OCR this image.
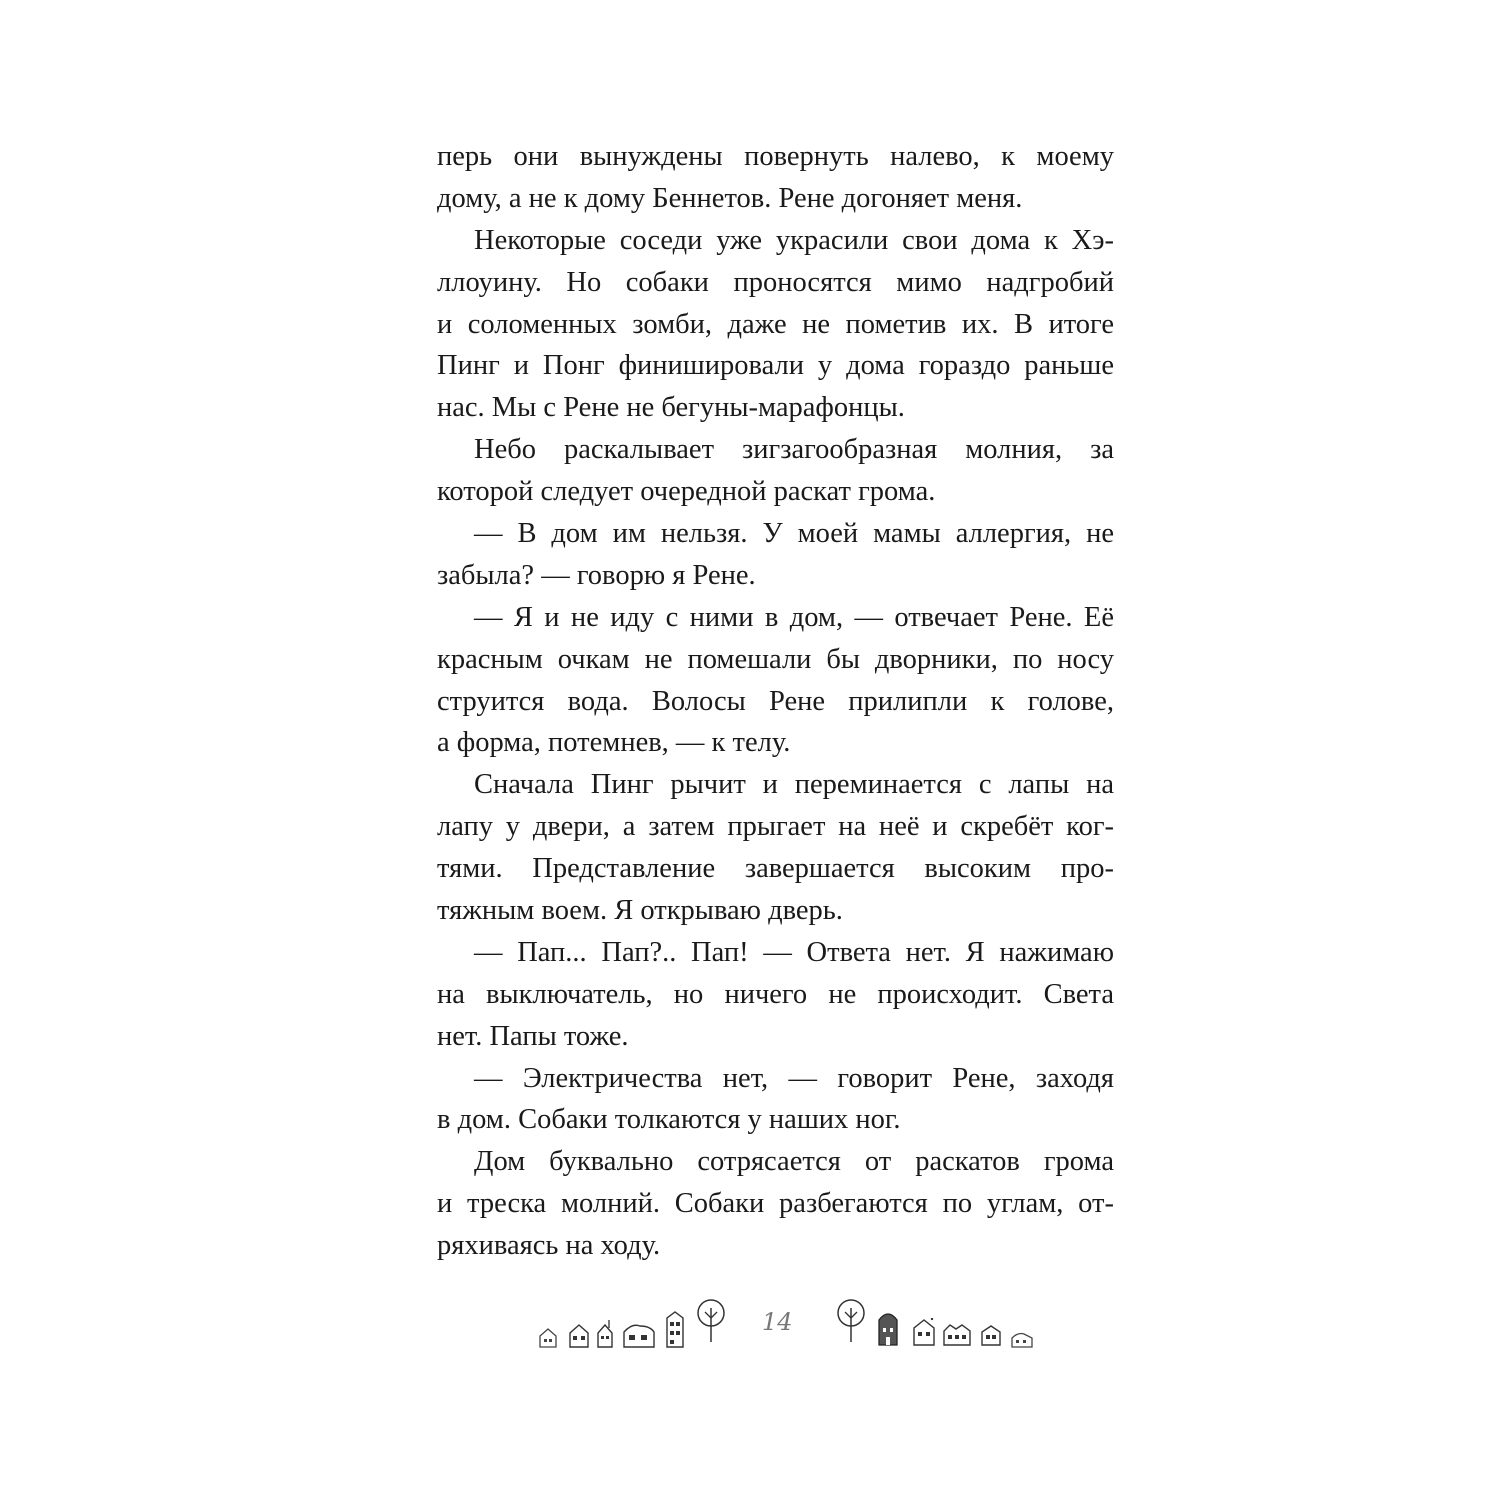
перь они вынуждены повернуть налево, к моему
дому, а не к дому Беннетов. Рене догоняет меня.
Некоторые соседи уже украсили свои дома к Хэ-
ллоуину. Но собаки проносятся мимо надгробий
и соломенных зомби, даже не пометив их. В итоге
Пинг и Понг финишировали у дома гораздо раньше
нас. Мы с Рене не бегуны-марафонцы.
Небо раскалывает зигзагообразная молния, за
которой следует очередной раскат грома.
— В дом им нельзя. У моей мамы аллергия, не
забыла? — говорю я Рене.
— Я и не иду с ними в дом, — отвечает Рене. Её
красным очкам не помешали бы дворники, по носу
струится вода. Волосы Рене прилипли к голове,
а форма, потемнев, — к телу.
Сначала Пинг рычит и переминается с лапы на
лапу у двери, а затем прыгает на неё и скребёт ког-
тями. Представление завершается высоким про-
тяжным воем. Я открываю дверь.
— Пап... Пап?.. Пап! — Ответа нет. Я нажимаю
на выключатель, но ничего не происходит. Света
нет. Папы тоже.
— Электричества нет, — говорит Рене, заходя
в дом. Собаки толкаются у наших ног.
Дом буквально сотрясается от раскатов грома
и треска молний. Собаки разбегаются по углам, от-
ряхиваясь на ходу.
14
